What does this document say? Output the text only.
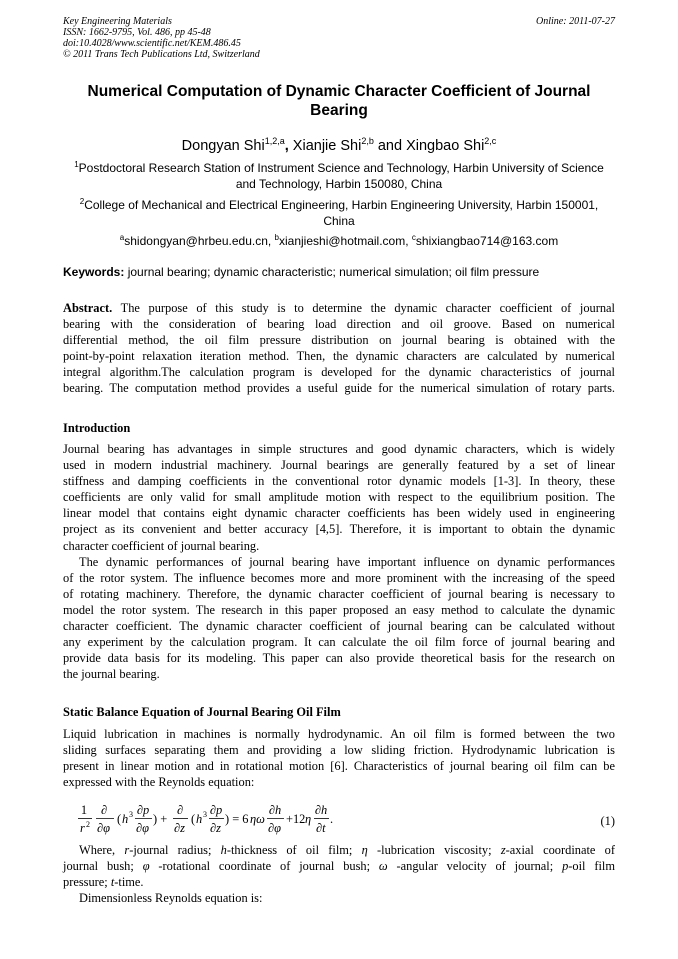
Key Engineering Materials
ISSN: 1662-9795, Vol. 486, pp 45-48
doi:10.4028/www.scientific.net/KEM.486.45
© 2011 Trans Tech Publications Ltd, Switzerland
Online: 2011-07-27
Numerical Computation of Dynamic Character Coefficient of Journal
Bearing
Dongyan Shi$^{1,2,a}$, Xianjie Shi$^{2,b}$ and Xingbao Shi$^{2,c}$
$^1$Postdoctoral Research Station of Instrument Science and Technology, Harbin University of Science
and Technology, Harbin 150080, China
$^2$College of Mechanical and Electrical Engineering, Harbin Engineering University, Harbin 150001,
China
$^a$shidongyan@hrbeu.edu.cn, $^b$xianjieshi@hotmail.com, $^c$shixiangbao714@163.com
Keywords: journal bearing; dynamic characteristic; numerical simulation; oil film pressure
Abstract. The purpose of this study is to determine the dynamic character coefficient of journal
bearing with the consideration of bearing load direction and oil groove. Based on numerical
differential method, the oil film pressure distribution on journal bearing is obtained with the
point-by-point relaxation iteration method. Then, the dynamic characters are calculated by numerical
integral algorithm.The calculation program is developed for the dynamic characteristics of journal
bearing. The computation method provides a useful guide for the numerical simulation of rotary parts.
Introduction
Journal bearing has advantages in simple structures and good dynamic characters, which is widely
used in modern industrial machinery. Journal bearings are generally featured by a set of linear
stiffness and damping coefficients in the conventional rotor dynamic models [1-3]. In theory, these
coefficients are only valid for small amplitude motion with respect to the equilibrium position. The
linear model that contains eight dynamic character coefficients has been widely used in engineering
project as its convenient and better accuracy [4,5]. Therefore, it is important to obtain the dynamic
character coefficient of journal bearing.
The dynamic performances of journal bearing have important influence on dynamic performances
of the rotor system. The influence becomes more and more prominent with the increasing of the speed
of rotating machinery. Therefore, the dynamic character coefficient of journal bearing is necessary to
model the rotor system. The research in this paper proposed an easy method to calculate the dynamic
character coefficient. The dynamic character coefficient of journal bearing can be calculated without
any experiment by the calculation program. It can calculate the oil film force of journal bearing and
provide data basis for its modeling. This paper can also provide theoretical basis for the research on
the journal bearing.
Static Balance Equation of Journal Bearing Oil Film
Liquid lubrication in machines is normally hydrodynamic. An oil film is formed between the two
sliding surfaces separating them and providing a low sliding friction. Hydrodynamic lubrication is
present in linear motion and in rotational motion [6]. Characteristics of journal bearing oil film can be
expressed with the Reynolds equation:
1
r 2
∂
∂φ
( h 3 ∂p
∂φ
) +
∂
∂z
( h 3 ∂p
∂z
) = 6 ηω
∂h
∂φ
+12 η
∂h
∂t
.	(1)
Where, r-journal radius; h-thickness of oil film; η -lubrication viscosity; z-axial coordinate of
journal bush; φ -rotational coordinate of journal bush; ω -angular velocity of journal; p-oil film
pressure; t-time.
Dimensionless Reynolds equation is:
